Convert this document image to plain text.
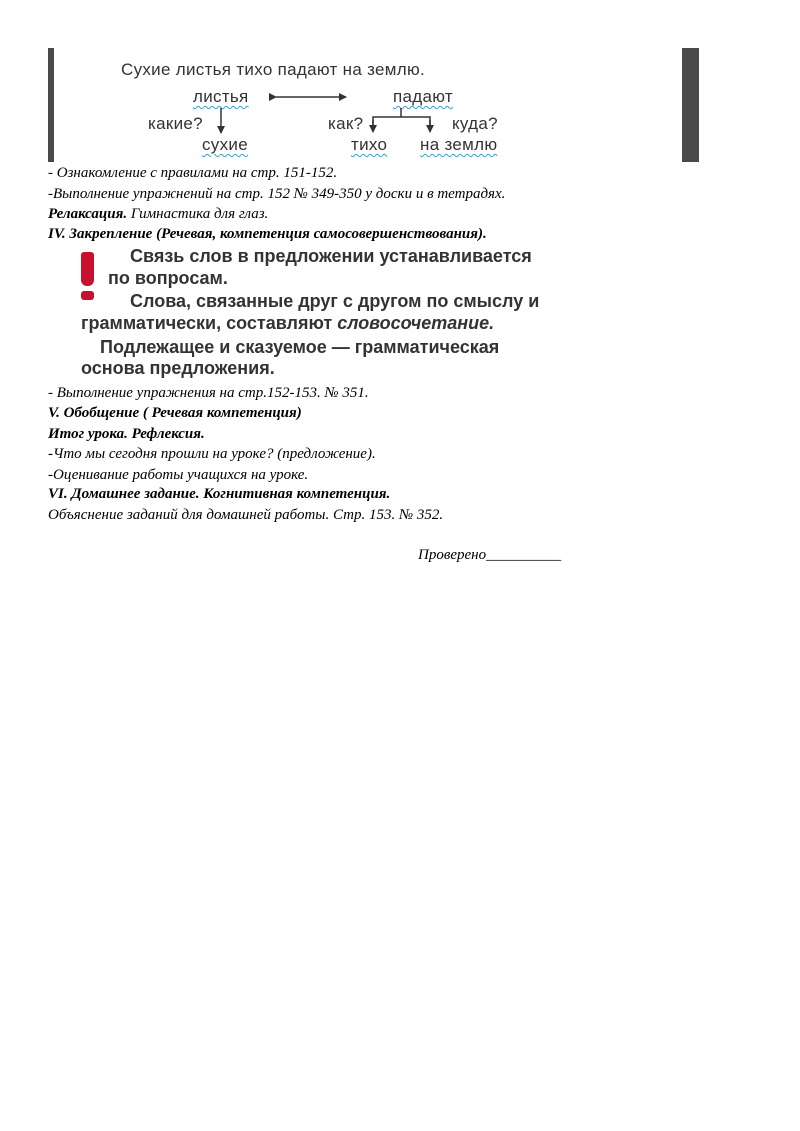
Сухие листья тихо падают на землю.
листья	падают
какие?	как?	куда?
сухие	тихо на землю
- Ознакомление с правилами на стр. 151-152.
-Выполнение упражнений на стр. 152 № 349-350 у доски и в тетрадях.
Релаксация. Гимнастика для глаз.
IV. Закрепление (Речевая, компетенция самосовершенствования).
Связь слов в предложении устанавливается
по вопросам.
Слова, связанные друг с другом по смыслу и
грамматически, составляют словосочетание.
Подлежащее и сказуемое — грамматическая
основа предложения.
- Выполнение упражнения на стр.152-153. № 351.
V. Обобщение ( Речевая компетенция)
Итог урока. Рефлексия.
-Что мы сегодня прошли на уроке? (предложение).
-Оценивание работы учащихся на уроке.
VI. Домашнее задание. Когнитивная компетенция.
Объяснение заданий для домашней работы. Стр. 153. № 352.
Проверено__________
